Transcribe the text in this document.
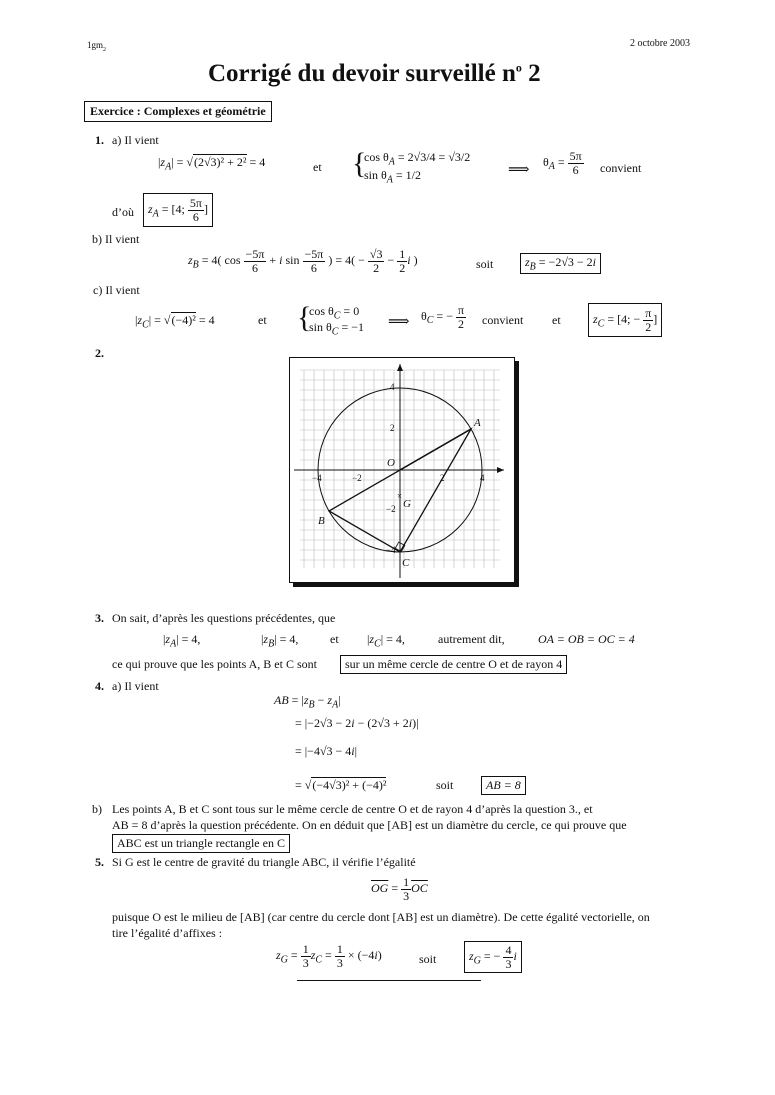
$1gm_2$
2 octobre 2003
Corrigé du devoir surveillé $n^o$ 2
Exercice : Complexes et géométrie
1. a) Il vient
$|z_A| = √(2√3)^2 + 2^2 = 4$	et {
$\cos \theta_A = 2√3/4 = √3/2$
$\sin \theta_A = 1/2$	⟹
$\theta_A = \frac{5\pi}{6}$ convient
d’où	$z_A = [4$; $\frac{5\pi}{6}$ ]
b) Il vient
$z_B = 4$( $\cos \frac{-5\pi}{6} + i$ $\sin \frac{-5\pi}{6}$ ) = $4( - \frac{√3}{2} - \frac{1}{2}$ i )	soit	$z_B = -2√3 - 2i$
c) Il vient
$|z_C| = √(-4)^2 = 4$	et {
$\cos \theta_C = 0$
$\sin \theta_C = -1$ ⟹ $\theta_C$ = − $\frac{\pi}{2}$ convient et	$z_C = [4$; − $\frac{\pi}{2}$ ]
2.
−4	−2	2	4
2
4
−2
−4
A
B
C
O
G
×
3. On sait, d’après les questions précédentes, que
$|z_A| = 4$,	$|z_B| = 4$,	et $|z_C| = 4$,	autrement dit,	OA = OB = OC = 4
ce qui prouve que les points A, B et C sont	sur un même cercle de centre O et de rayon 4
4. a) Il vient
AB = $|z_B - z_A|$
= |−2√3 − 2i − (2√3 + 2i)|
= |−4√3 − 4i|
= √(−4√3)² + (−4)²	soit	AB = 8
b) Les points A, B et C sont tous sur le même cercle de centre O et de rayon 4 d’après la question 3., et
AB = 8 d’après la question précédente. On en déduit que [AB] est un diamètre du cercle, ce qui prouve que
ABC est un triangle rectangle en C
5. Si G est le centre de gravité du triangle ABC, il vérifie l’égalité
$\overline{OG} = \frac{1}{3} \overline{OC}$
puisque O est le milieu de [AB] (car centre du cercle dont [AB] est un diamètre). De cette égalité vectorielle, on
tire l’égalité d’affixes :
$z_G = \frac{1}{3} z_C = \frac{1}{3} \times (-4i)$	soit	$z_G$ = − $\frac{4}{3}$ i
